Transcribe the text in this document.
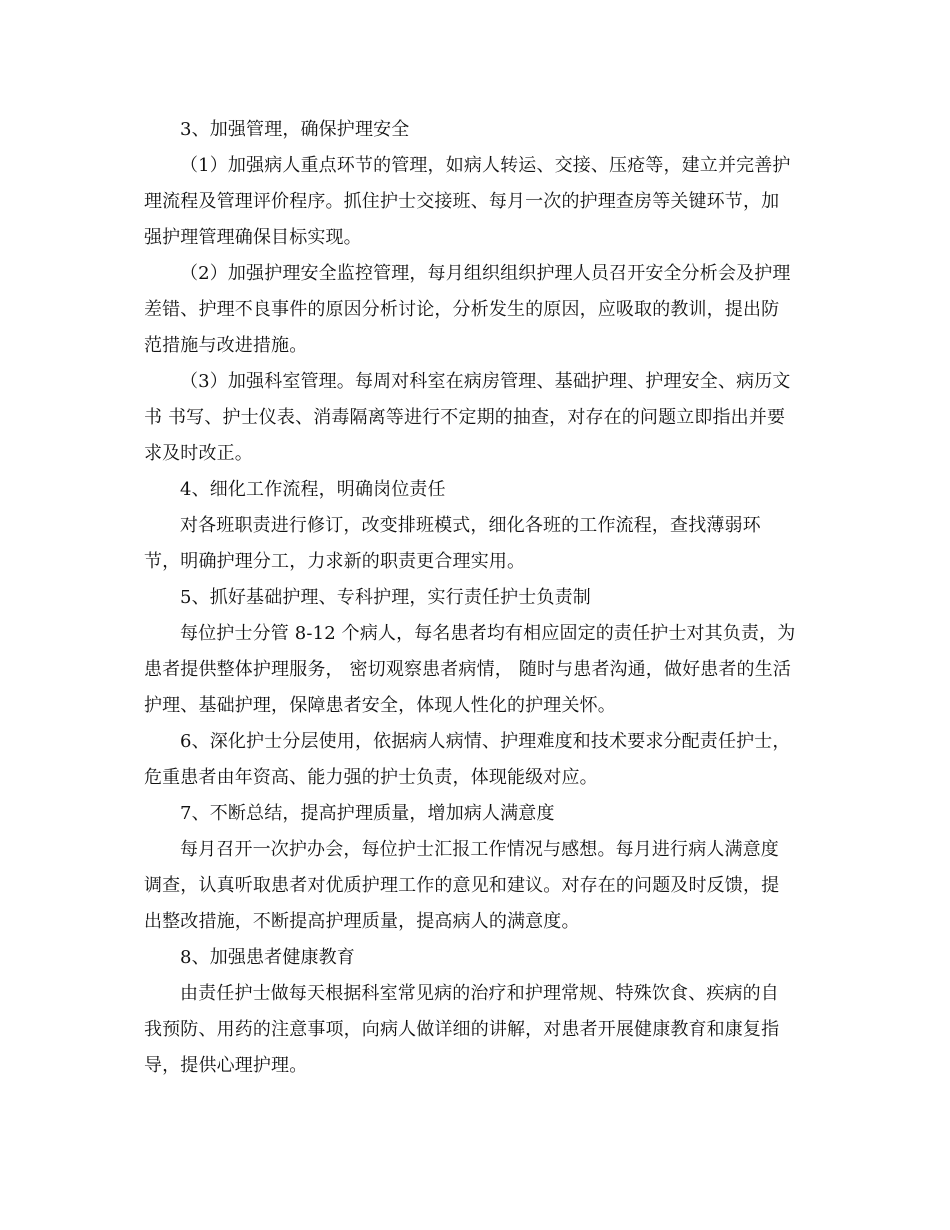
3、加强管理，确保护理安全
（1）加强病人重点环节的管理，如病人转运、交接、压疮等，建立并完善护
理流程及管理评价程序。抓住护士交接班、每月一次的护理查房等关键环节，加
强护理管理确保目标实现。
（2）加强护理安全监控管理，每月组织组织护理人员召开安全分析会及护理
差错、护理不良事件的原因分析讨论，分析发生的原因，应吸取的教训，提出防
范措施与改进措施。
（3）加强科室管理。每周对科室在病房管理、基础护理、护理安全、病历文
书 书写、护士仪表、消毒隔离等进行不定期的抽查，对存在的问题立即指出并要
求及时改正。
4、细化工作流程，明确岗位责任
对各班职责进行修订，改变排班模式，细化各班的工作流程，查找薄弱环
节，明确护理分工，力求新的职责更合理实用。
5、抓好基础护理、专科护理，实行责任护士负责制
每位护士分管 8-12 个病人，每名患者均有相应固定的责任护士对其负责，为
患者提供整体护理服务， 密切观察患者病情， 随时与患者沟通，做好患者的生活
护理、基础护理，保障患者安全，体现人性化的护理关怀。
6、深化护士分层使用，依据病人病情、护理难度和技术要求分配责任护士，
危重患者由年资高、能力强的护士负责，体现能级对应。
7、不断总结，提高护理质量，增加病人满意度
每月召开一次护办会，每位护士汇报工作情况与感想。每月进行病人满意度
调查，认真听取患者对优质护理工作的意见和建议。对存在的问题及时反馈，提
出整改措施，不断提高护理质量，提高病人的满意度。
8、加强患者健康教育
由责任护士做每天根据科室常见病的治疗和护理常规、特殊饮食、疾病的自
我预防、用药的注意事项，向病人做详细的讲解，对患者开展健康教育和康复指
导，提供心理护理。
